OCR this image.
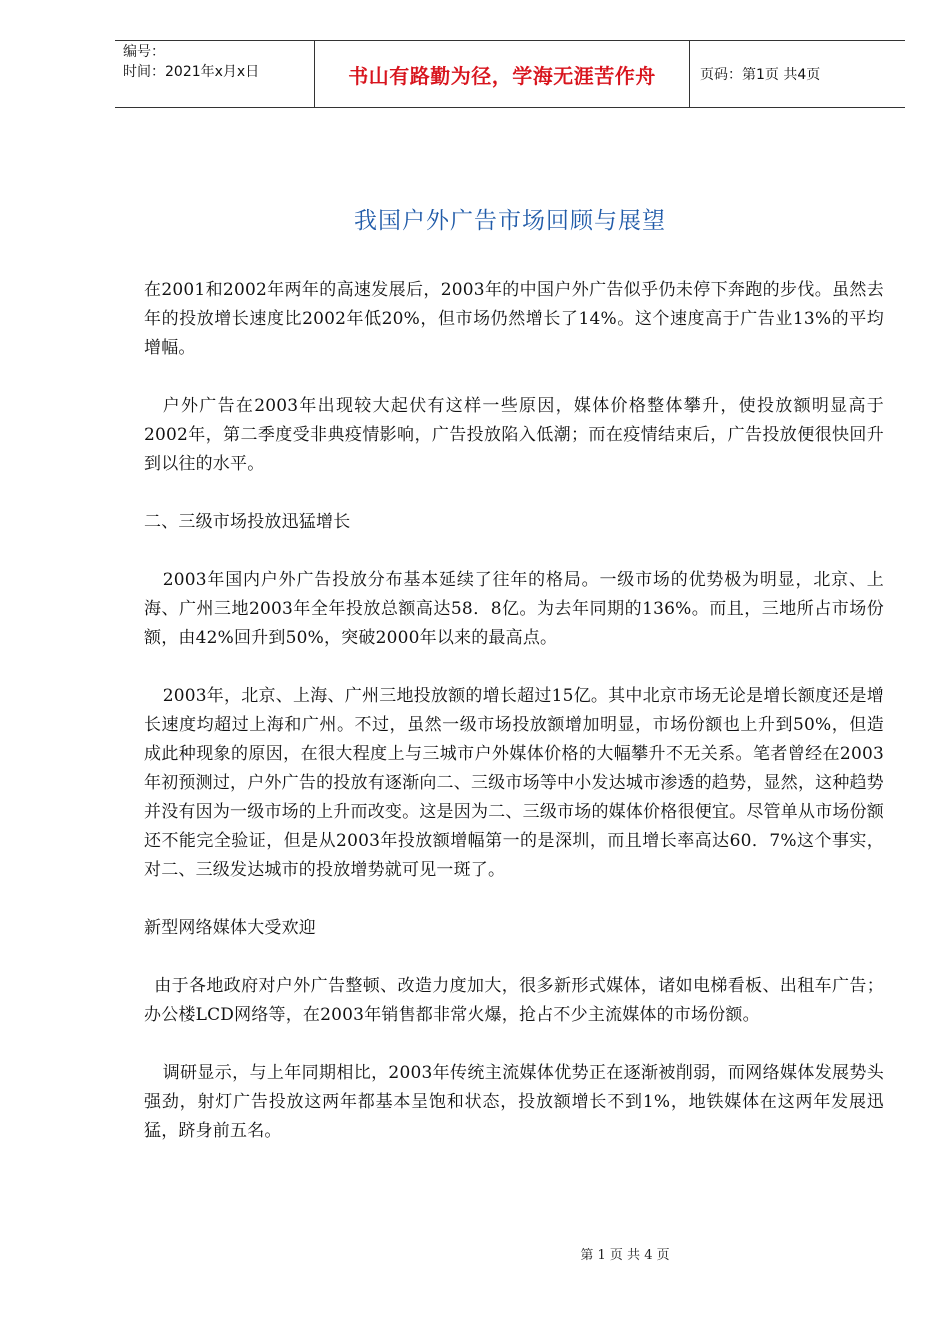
编号：
时间：2021年x月x日	书山有路勤为径，学海无涯苦作舟	页码：第1页 共4页
我国户外广告市场回顾与展望

在2001和2002年两年的高速发展后，2003年的中国户外广告似乎仍未停下奔跑的步伐。虽然去年的投放增长速度比2002年低20%，但市场仍然增长了14%。这个速度高于广告业13%的平均增幅。

户外广告在2003年出现较大起伏有这样一些原因，媒体价格整体攀升，使投放额明显高于2002年，第二季度受非典疫情影响，广告投放陷入低潮；而在疫情结束后，广告投放便很快回升到以往的水平。

二、三级市场投放迅猛增长

2003年国内户外广告投放分布基本延续了往年的格局。一级市场的优势极为明显，北京、上海、广州三地2003年全年投放总额高达58．8亿。为去年同期的136%。而且，三地所占市场份额，由42%回升到50%，突破2000年以来的最高点。

2003年，北京、上海、广州三地投放额的增长超过15亿。其中北京市场无论是增长额度还是增长速度均超过上海和广州。不过，虽然一级市场投放额增加明显，市场份额也上升到50%，但造成此种现象的原因，在很大程度上与三城市户外媒体价格的大幅攀升不无关系。笔者曾经在2003年初预测过，户外广告的投放有逐渐向二、三级市场等中小发达城市渗透的趋势，显然，这种趋势并没有因为一级市场的上升而改变。这是因为二、三级市场的媒体价格很便宜。尽管单从市场份额还不能完全验证，但是从2003年投放额增幅第一的是深圳，而且增长率高达60．7%这个事实，对二、三级发达城市的投放增势就可见一斑了。

新型网络媒体大受欢迎

由于各地政府对户外广告整顿、改造力度加大，很多新形式媒体，诸如电梯看板、出租车广告；办公楼LCD网络等，在2003年销售都非常火爆，抢占不少主流媒体的市场份额。

调研显示，与上年同期相比，2003年传统主流媒体优势正在逐渐被削弱，而网络媒体发展势头强劲，射灯广告投放这两年都基本呈饱和状态，投放额增长不到1%，地铁媒体在这两年发展迅猛，跻身前五名。

第 1 页 共 4 页
